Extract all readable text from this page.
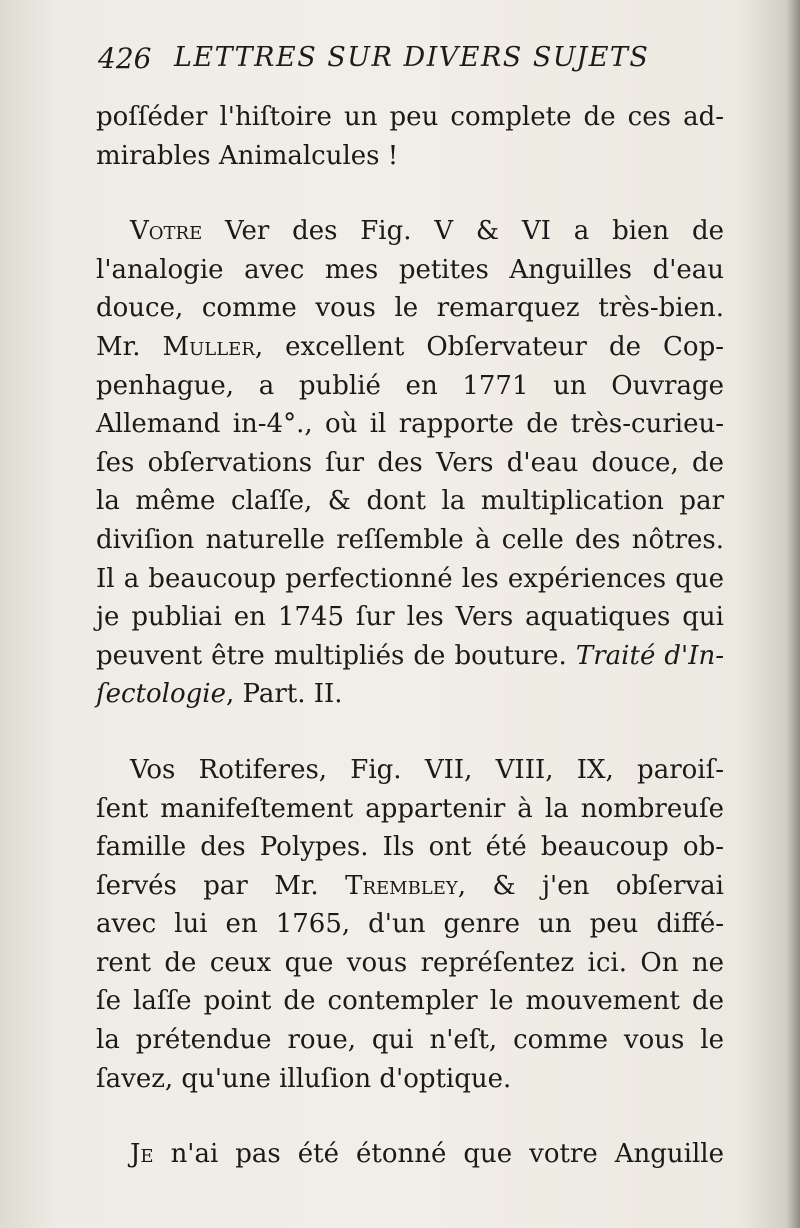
426 LETTRES SUR DIVERS SUJETS
poſſéder l'hiſtoire un peu complete de ces ad-
mirables Animalcules !
Votre Ver des Fig. V & VI a bien de
l'analogie avec mes petites Anguilles d'eau
douce, comme vous le remarquez très-bien.
Mr. Muller, excellent Obſervateur de Cop-
penhague, a publié en 1771 un Ouvrage
Allemand in-4°., où il rapporte de très-curieu-
ſes obſervations ſur des Vers d'eau douce, de
la même claſſe, & dont la multiplication par
diviſion naturelle reſſemble à celle des nôtres.
Il a beaucoup perfectionné les expériences que
je publiai en 1745 ſur les Vers aquatiques qui
peuvent être multipliés de bouture. Traité d'In-
ſectologie, Part. II.
Vos Rotiferes, Fig. VII, VIII, IX, paroiſ-
ſent manifeſtement appartenir à la nombreuſe
famille des Polypes. Ils ont été beaucoup ob-
ſervés par Mr. Trembley, & j'en obſervai
avec lui en 1765, d'un genre un peu diffé-
rent de ceux que vous repréſentez ici. On ne
ſe laſſe point de contempler le mouvement de
la prétendue roue, qui n'eſt, comme vous le
ſavez, qu'une illuſion d'optique.
Je n'ai pas été étonné que votre Anguille
